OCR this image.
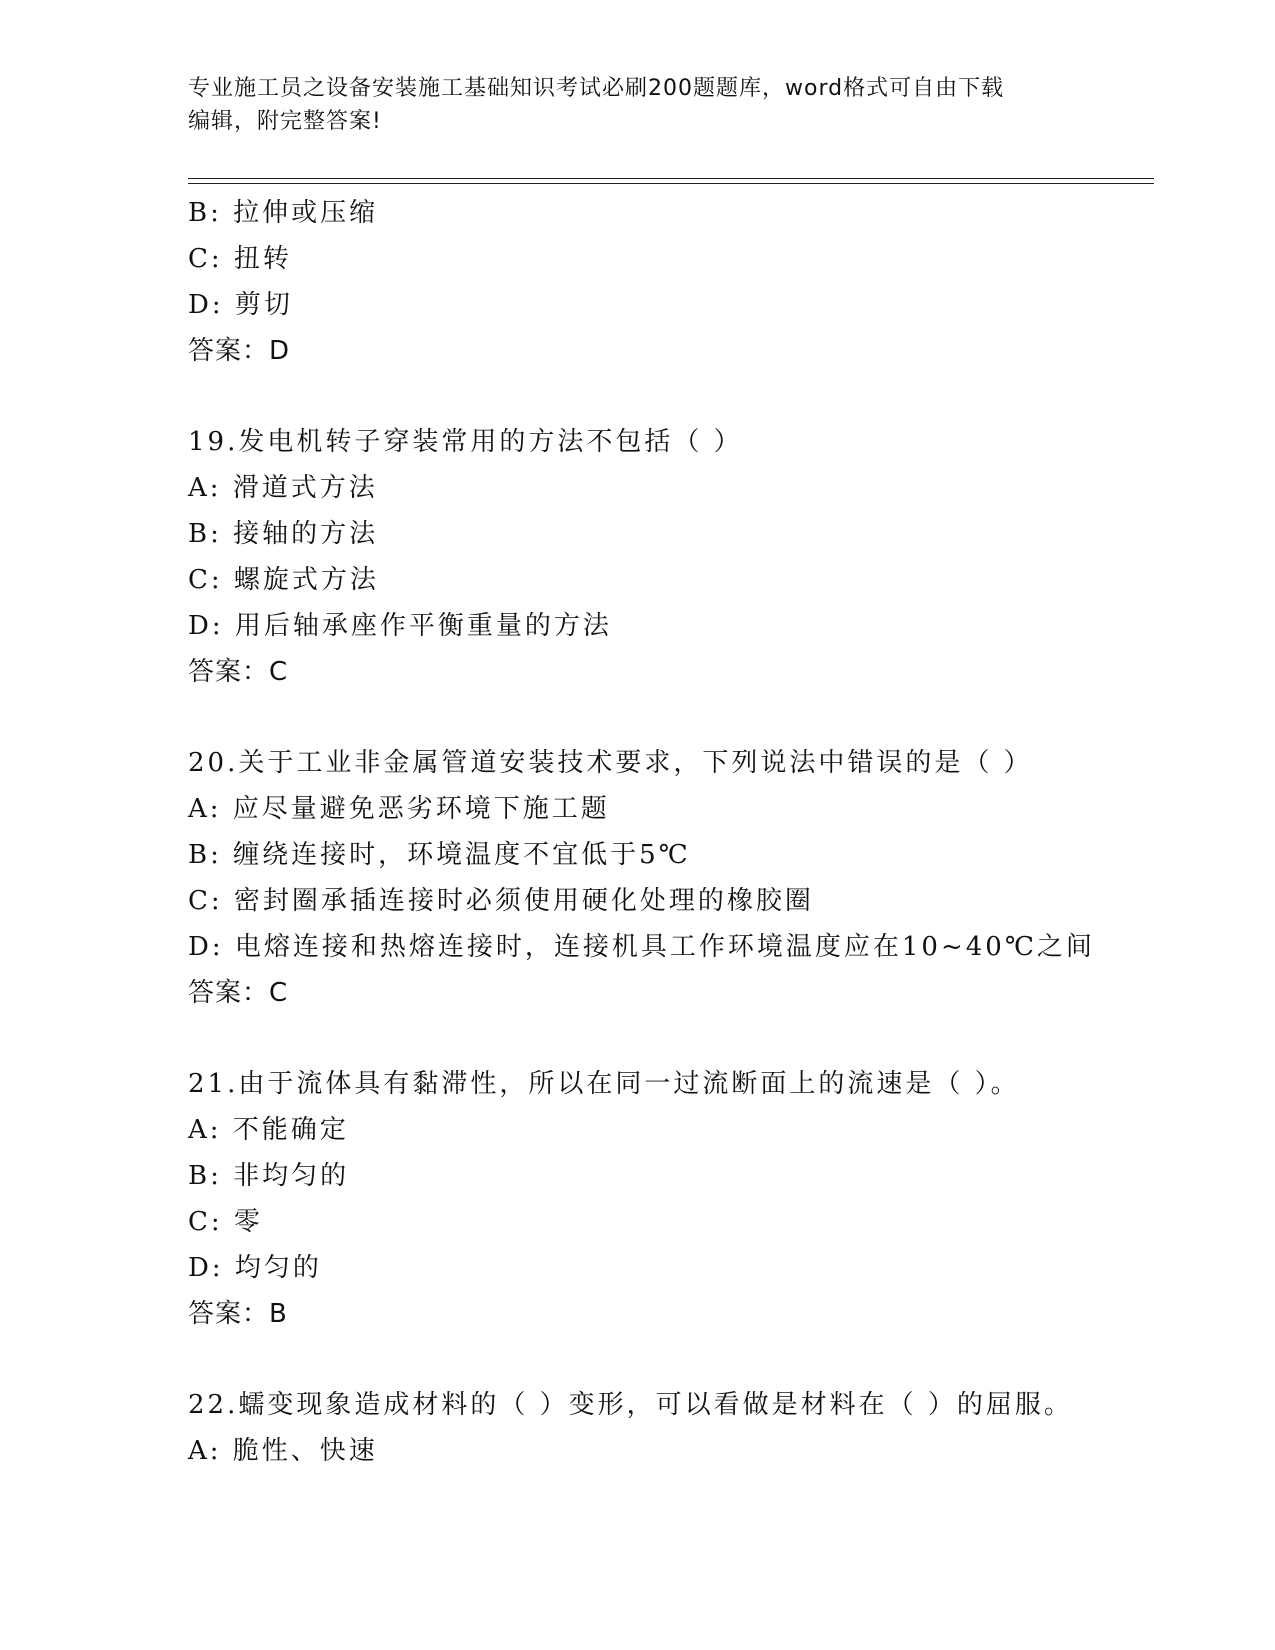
专业施工员之设备安装施工基础知识考试必刷200题题库，word格式可自由下载
编辑，附完整答案!
B: 拉伸或压缩
C: 扭转
D: 剪切
答案：D
19.发电机转子穿装常用的方法不包括（ ）
A: 滑道式方法
B: 接轴的方法
C: 螺旋式方法
D: 用后轴承座作平衡重量的方法
答案：C
20.关于工业非金属管道安装技术要求，下列说法中错误的是（ ）
A: 应尽量避免恶劣环境下施工题
B: 缠绕连接时，环境温度不宜低于5℃
C: 密封圈承插连接时必须使用硬化处理的橡胶圈
D: 电熔连接和热熔连接时，连接机具工作环境温度应在10~40℃之间
答案：C
21.由于流体具有黏滞性，所以在同一过流断面上的流速是（ ）。
A: 不能确定
B: 非均匀的
C: 零
D: 均匀的
答案：B
22.蠕变现象造成材料的（ ）变形，可以看做是材料在（ ）的屈服。
A: 脆性、快速
